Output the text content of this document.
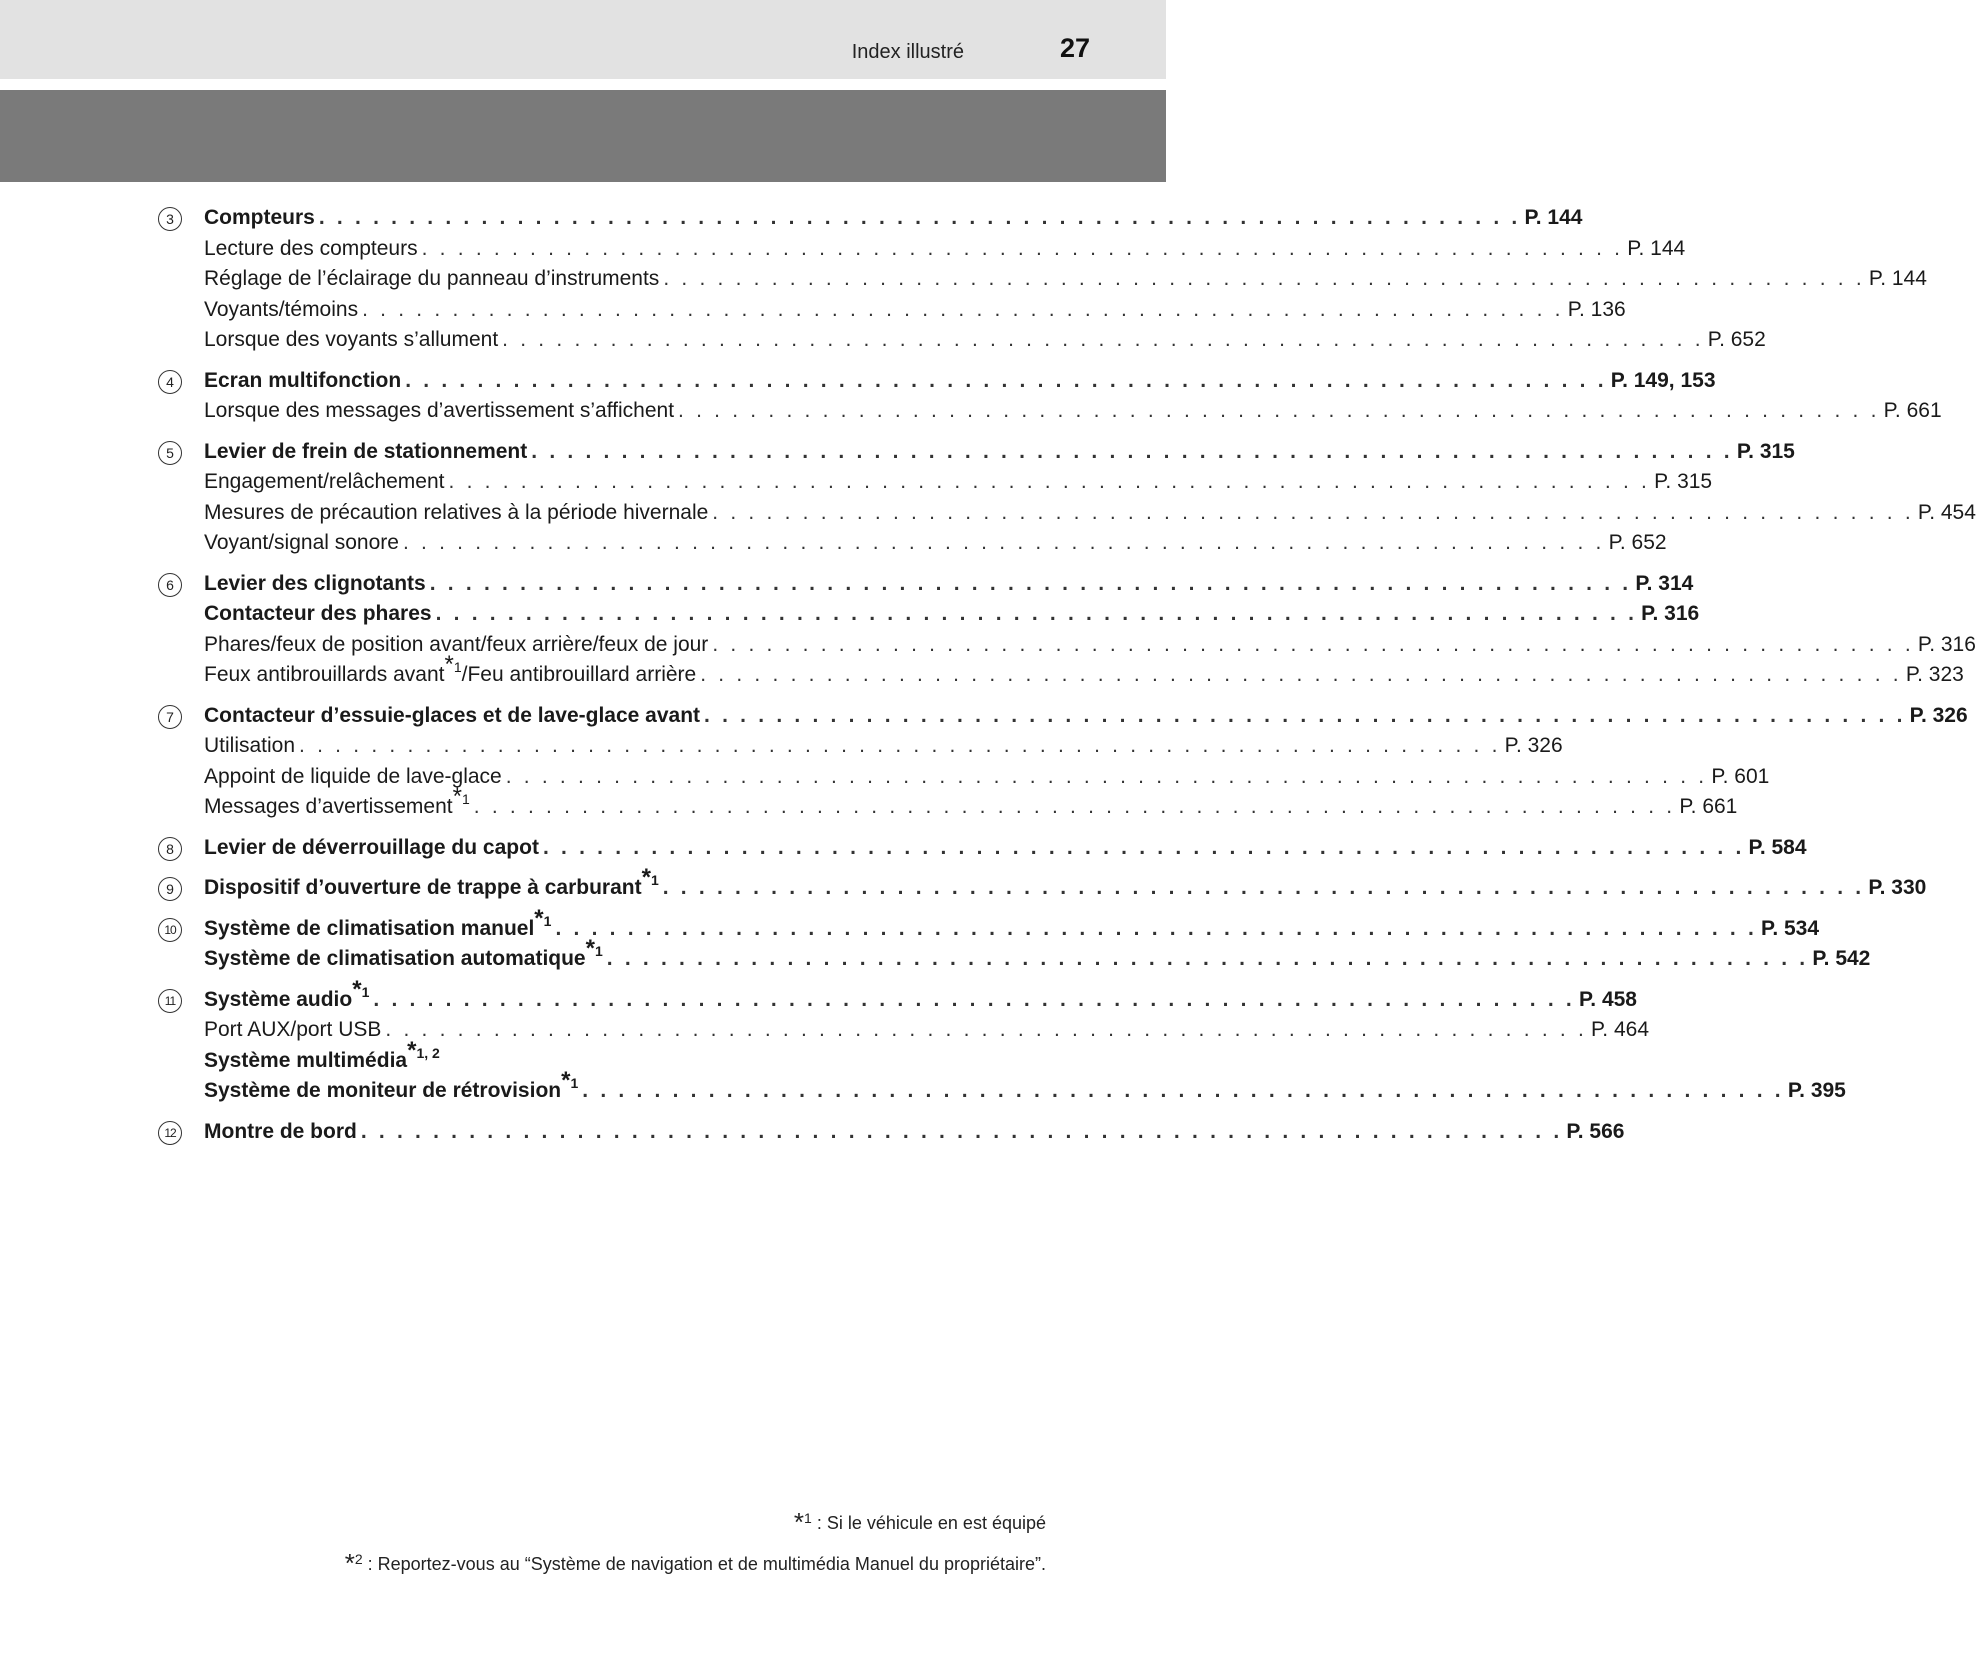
Index illustré	27
3	Compteurs . . . . . . . . . . . . . . . . . . . . . . . . . . . . . . . . . . . . . . . . . . . . . . . . . . . . . . . . . . . . . . . . . . . P. 144
Lecture des compteurs . . . . . . . . . . . . . . . . . . . . . . . . . . . . . . . . . . . . . . . . . . . . . . . . . . . . . . . . . . . . . . . . . . . P. 144
Réglage de l’éclairage du panneau d’instruments . . . . . . . . . . . . . . . . . . . . . . . . . . . . . . . . . . . . . . . . . . . . . . . . . . . . . . . . . . . . . . . . . . . P. 144
Voyants/témoins . . . . . . . . . . . . . . . . . . . . . . . . . . . . . . . . . . . . . . . . . . . . . . . . . . . . . . . . . . . . . . . . . . . P. 136
Lorsque des voyants s’allument . . . . . . . . . . . . . . . . . . . . . . . . . . . . . . . . . . . . . . . . . . . . . . . . . . . . . . . . . . . . . . . . . . . P. 652
4	Ecran multifonction . . . . . . . . . . . . . . . . . . . . . . . . . . . . . . . . . . . . . . . . . . . . . . . . . . . . . . . . . . . . . . . . . . . P. 149, 153
Lorsque des messages d’avertissement s’affichent . . . . . . . . . . . . . . . . . . . . . . . . . . . . . . . . . . . . . . . . . . . . . . . . . . . . . . . . . . . . . . . . . . . P. 661
5	Levier de frein de stationnement . . . . . . . . . . . . . . . . . . . . . . . . . . . . . . . . . . . . . . . . . . . . . . . . . . . . . . . . . . . . . . . . . . . P. 315
Engagement/relâchement . . . . . . . . . . . . . . . . . . . . . . . . . . . . . . . . . . . . . . . . . . . . . . . . . . . . . . . . . . . . . . . . . . . P. 315
Mesures de précaution relatives à la période hivernale . . . . . . . . . . . . . . . . . . . . . . . . . . . . . . . . . . . . . . . . . . . . . . . . . . . . . . . . . . . . . . . . . . . P. 454
Voyant/signal sonore . . . . . . . . . . . . . . . . . . . . . . . . . . . . . . . . . . . . . . . . . . . . . . . . . . . . . . . . . . . . . . . . . . . P. 652
6	Levier des clignotants . . . . . . . . . . . . . . . . . . . . . . . . . . . . . . . . . . . . . . . . . . . . . . . . . . . . . . . . . . . . . . . . . . . P. 314
Contacteur des phares . . . . . . . . . . . . . . . . . . . . . . . . . . . . . . . . . . . . . . . . . . . . . . . . . . . . . . . . . . . . . . . . . . . P. 316
Phares/feux de position avant/feux arrière/feux de jour . . . . . . . . . . . . . . . . . . . . . . . . . . . . . . . . . . . . . . . . . . . . . . . . . . . . . . . . . . . . . . . . . . . P. 316
Feux antibrouillards avant$^{*1}$/Feu antibrouillard arrière . . . . . . . . . . . . . . . . . . . . . . . . . . . . . . . . . . . . . . . . . . . . . . . . . . . . . . . . . . . . . . . . . . . P. 323
7	Contacteur d’essuie-glaces et de lave-glace avant . . . . . . . . . . . . . . . . . . . . . . . . . . . . . . . . . . . . . . . . . . . . . . . . . . . . . . . . . . . . . . . . . . . P. 326
Utilisation . . . . . . . . . . . . . . . . . . . . . . . . . . . . . . . . . . . . . . . . . . . . . . . . . . . . . . . . . . . . . . . . . . . P. 326
Appoint de liquide de lave-glace . . . . . . . . . . . . . . . . . . . . . . . . . . . . . . . . . . . . . . . . . . . . . . . . . . . . . . . . . . . . . . . . . . . P. 601
Messages d’avertissement$^{*1}$ . . . . . . . . . . . . . . . . . . . . . . . . . . . . . . . . . . . . . . . . . . . . . . . . . . . . . . . . . . . . . . . . . . . P. 661
8	Levier de déverrouillage du capot . . . . . . . . . . . . . . . . . . . . . . . . . . . . . . . . . . . . . . . . . . . . . . . . . . . . . . . . . . . . . . . . . . . P. 584
9	Dispositif d’ouverture de trappe à carburant$^{*1}$ . . . . . . . . . . . . . . . . . . . . . . . . . . . . . . . . . . . . . . . . . . . . . . . . . . . . . . . . . . . . . . . . . . . P. 330
10	Système de climatisation manuel$^{*1}$ . . . . . . . . . . . . . . . . . . . . . . . . . . . . . . . . . . . . . . . . . . . . . . . . . . . . . . . . . . . . . . . . . . . P. 534
Système de climatisation automatique$^{*1}$ . . . . . . . . . . . . . . . . . . . . . . . . . . . . . . . . . . . . . . . . . . . . . . . . . . . . . . . . . . . . . . . . . . . P. 542
11	Système audio$^{*1}$ . . . . . . . . . . . . . . . . . . . . . . . . . . . . . . . . . . . . . . . . . . . . . . . . . . . . . . . . . . . . . . . . . . . P. 458
Port AUX/port USB . . . . . . . . . . . . . . . . . . . . . . . . . . . . . . . . . . . . . . . . . . . . . . . . . . . . . . . . . . . . . . . . . . . P. 464
Système multimédia$^{*1, 2}$
Système de moniteur de rétrovision$^{*1}$ . . . . . . . . . . . . . . . . . . . . . . . . . . . . . . . . . . . . . . . . . . . . . . . . . . . . . . . . . . . . . . . . . . . P. 395
12	Montre de bord . . . . . . . . . . . . . . . . . . . . . . . . . . . . . . . . . . . . . . . . . . . . . . . . . . . . . . . . . . . . . . . . . . . P. 566
$*_1$ : Si le véhicule en est équipé
$*_2$ : Reportez-vous au “Système de navigation et de multimédia Manuel du propriétaire”.
